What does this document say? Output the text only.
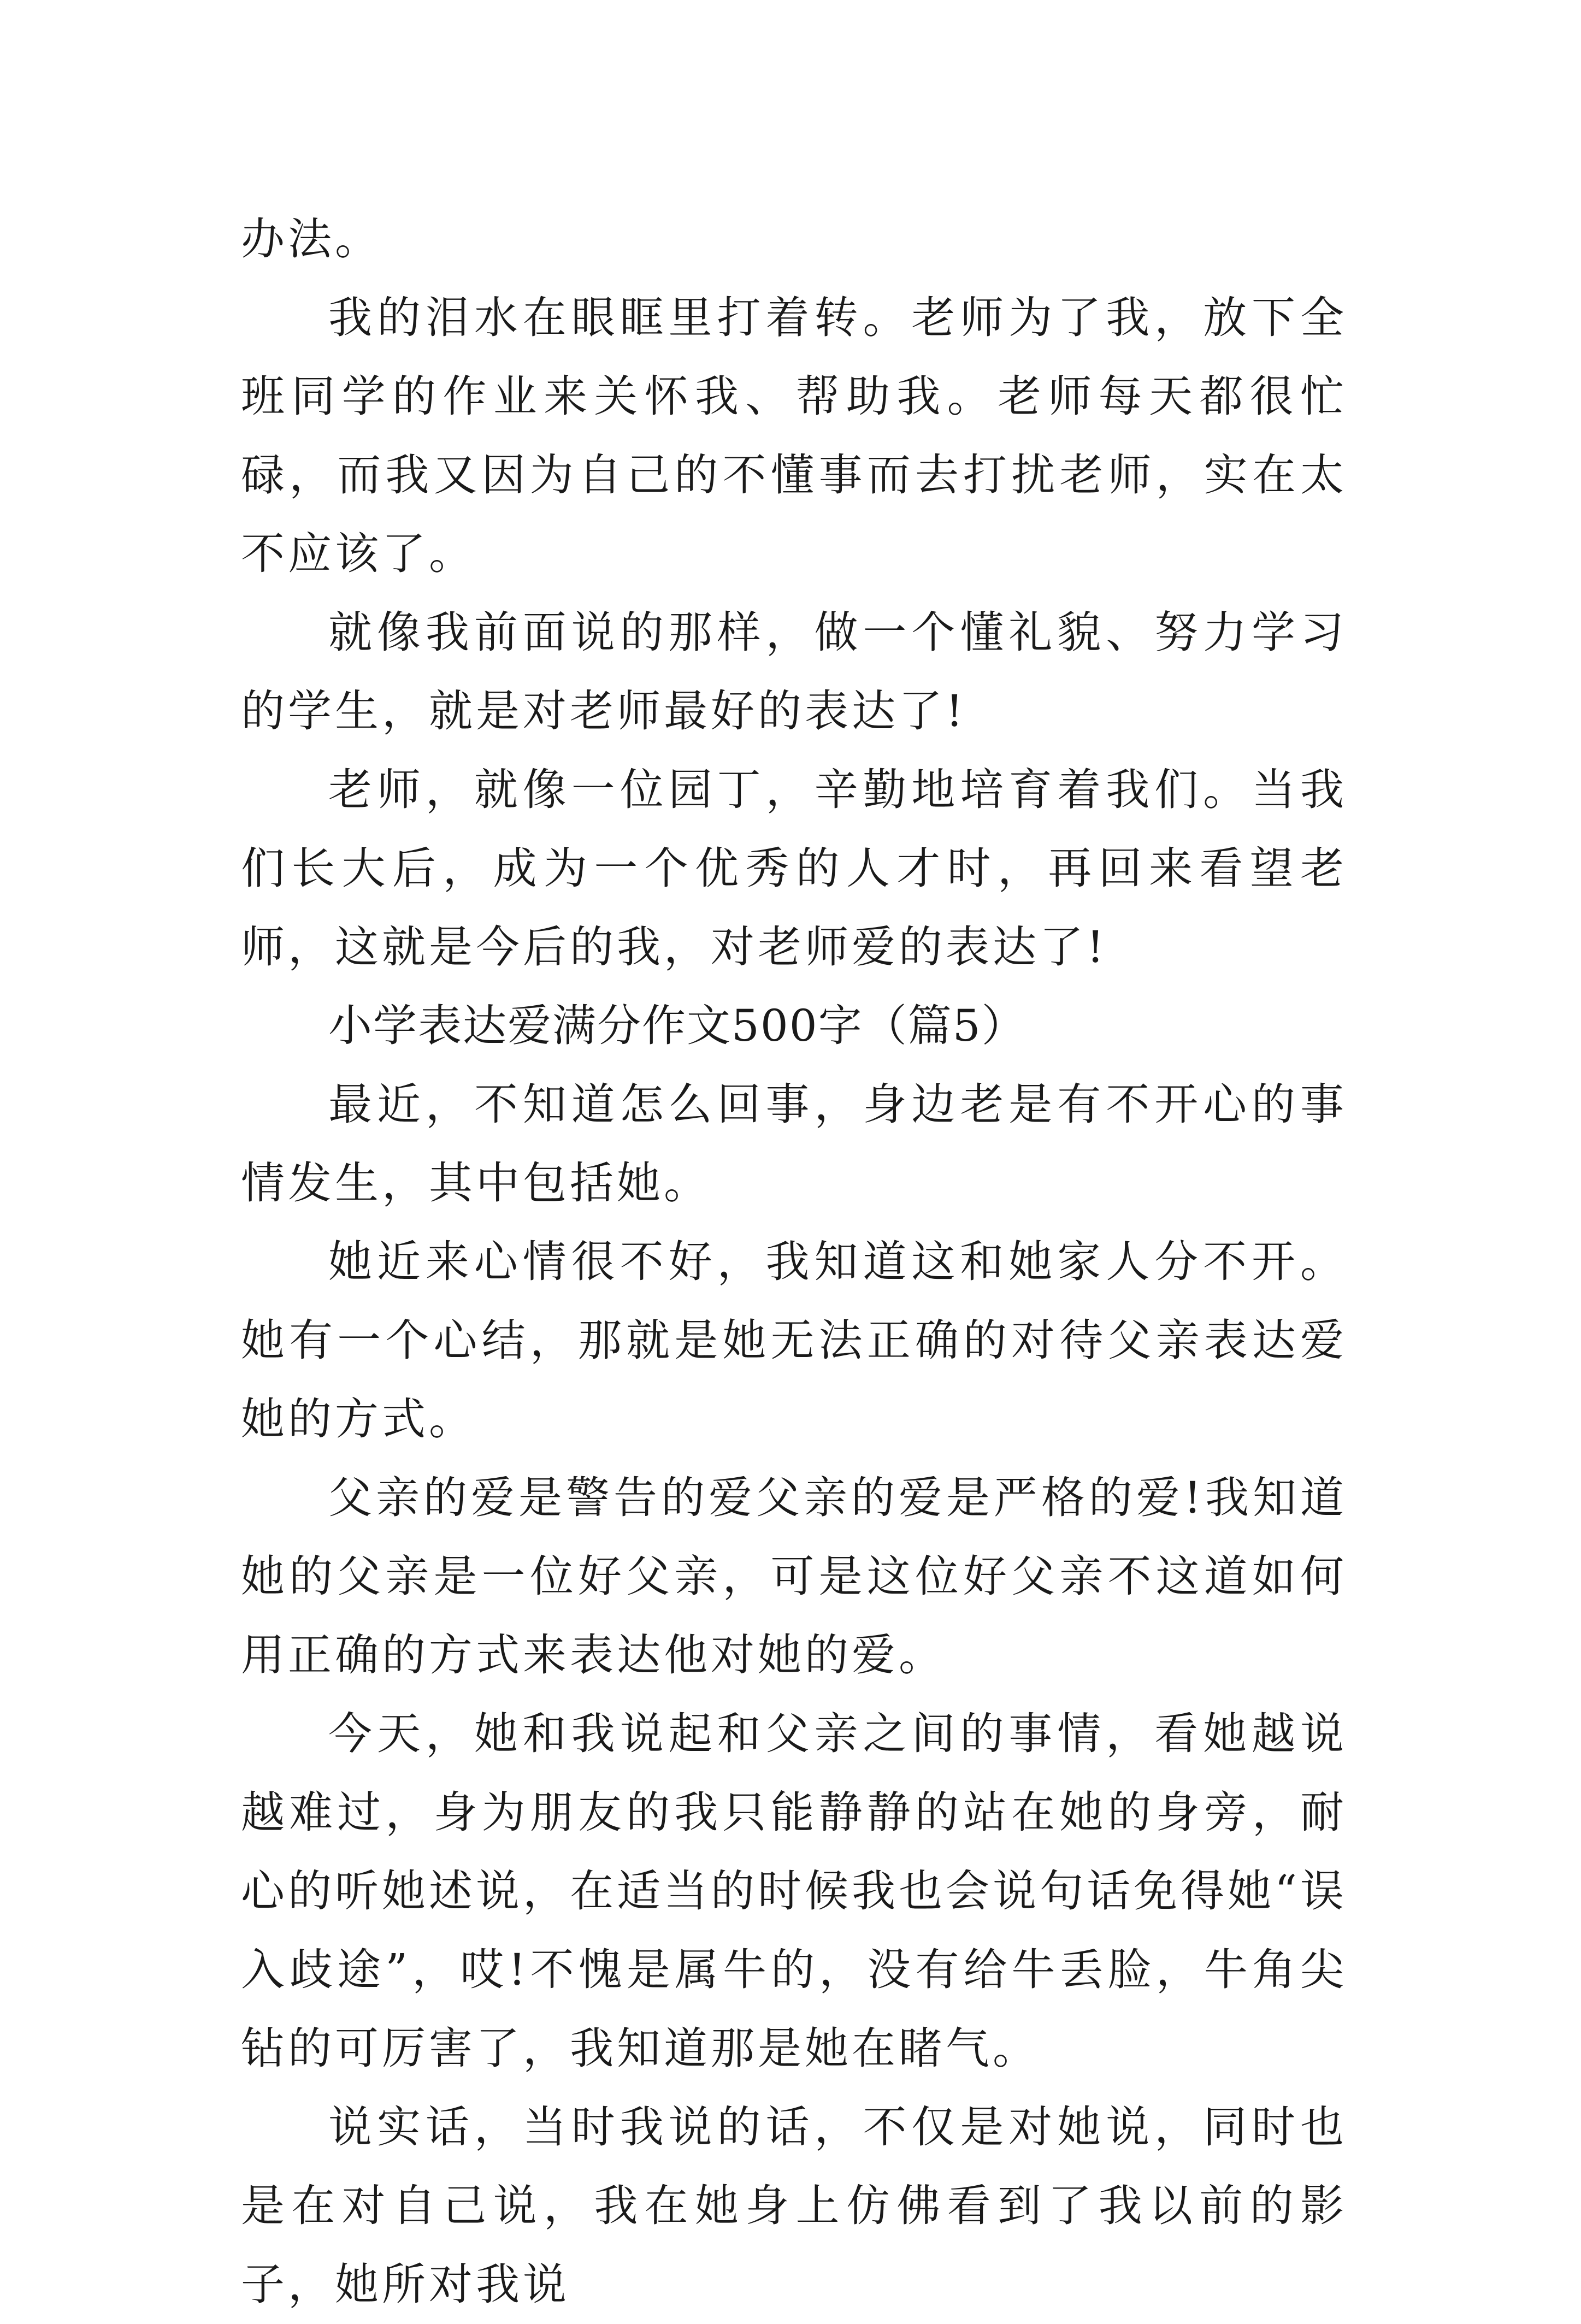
办法。

我的泪水在眼眶里打着转。老师为了我，放下全班同学的作业来关怀我、帮助我。老师每天都很忙碌，而我又因为自己的不懂事而去打扰老师，实在太不应该了。

就像我前面说的那样，做一个懂礼貌、努力学习的学生，就是对老师最好的表达了!

老师，就像一位园丁，辛勤地培育着我们。当我们长大后，成为一个优秀的人才时，再回来看望老师，这就是今后的我，对老师爱的表达了!

小学表达爱满分作文500字（篇5）

最近，不知道怎么回事，身边老是有不开心的事情发生，其中包括她。

她近来心情很不好，我知道这和她家人分不开。她有一个心结，那就是她无法正确的对待父亲表达爱她的方式。

父亲的爱是警告的爱父亲的爱是严格的爱!我知道她的父亲是一位好父亲，可是这位好父亲不这道如何用正确的方式来表达他对她的爱。

今天，她和我说起和父亲之间的事情，看她越说越难过，身为朋友的我只能静静的站在她的身旁，耐心的听她述说，在适当的时候我也会说句话免得她“误入歧途”，哎!不愧是属牛的，没有给牛丢脸，牛角尖钻的可厉害了，我知道那是她在睹气。

说实话，当时我说的话，不仅是对她说，同时也是在对自己说，我在她身上仿佛看到了我以前的影子，她所对我说
